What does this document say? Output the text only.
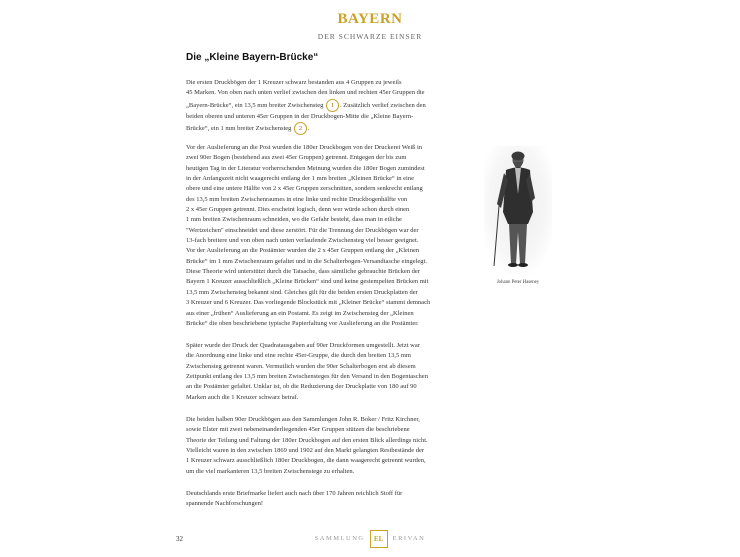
BAYERN
DER SCHWARZE EINSER
Die „Kleine Bayern-Brücke“
Die ersten Druckbögen der 1 Kreuzer schwarz bestanden aus 4 Gruppen zu jeweils
45 Marken. Von oben nach unten verlief zwischen den linken und rechten 45er Gruppen die
„Bayern-Brücke“, ein 13,5 mm breiter Zwischensteg 1 . Zusätzlich verlief zwischen den
beiden oberen und unteren 45er Gruppen in der Druckbogen-Mitte die „Kleine Bayern-
Brücke“, ein 1 mm breiter Zwischensteg 2 .
Vor der Auslieferung an die Post wurden die 180er Druckbogen von der Druckerei Weiß in
zwei 90er Bogen (bestehend aus zwei 45er Gruppen) getrennt. Entgegen der bis zum
heutigen Tag in der Literatur vorherrschenden Meinung wurden die 180er Bogen zumindest
in der Anfangszeit nicht waagerecht entlang der 1 mm breiten „Kleinen Brücke“ in eine
obere und eine untere Hälfte von 2 x 45er Gruppen zerschnitten, sondern senkrecht entlang
des 13,5 mm breiten Zwischenraumes in eine linke und rechte Druckbogenhälfte von
2 x 45er Gruppen getrennt. Dies erscheint logisch, denn wer würde schon durch einen
1 mm breiten Zwischenraum schneiden, wo die Gefahr besteht, dass man in etliche
"Wertzeichen" einschneidet und diese zerstört. Für die Trennung der Druckbögen war der
13-fach breitere und von oben nach unten verlaufende Zwischensteg viel besser geeignet.
Vor der Auslieferung an die Postämter wurden die 2 x 45er Gruppen entlang der „Kleinen
Brücke“ im 1 mm Zwischenraum gefaltet und in die Schalterbogen-Versandtasche eingelegt.
Diese Theorie wird unterstützt durch die Tatsache, dass sämtliche gebrauchte Brücken der
Bayern 1 Kreuzer ausschließlich „Kleine Brücken“ sind und keine gestempelten Brücken mit
13,5 mm Zwischensteg bekannt sind. Gleiches gilt für die beiden ersten Druckplatten der
3 Kreuzer und 6 Kreuzer. Das vorliegende Blockstück mit „Kleiner Brücke“ stammt demnach
aus einer „frühen“ Auslieferung an ein Postamt. Es zeigt im Zwischensteg der „Kleinen
Brücke“ die oben beschriebene typische Papierfaltung vor Auslieferung an die Postämter.
Später wurde der Druck der Quadratausgaben auf 90er Druckformen umgestellt. Jetzt war
die Anordnung eine linke und eine rechte 45er-Gruppe, die durch den breiten 13,5 mm
Zwischensteg getrennt waren. Vermutlich wurden die 90er Schalterbogen erst ab diesem
Zeitpunkt entlang des 13,5 mm breiten Zwischensteges für den Versand in den Bogentaschen
an die Postämter gefaltet. Unklar ist, ob die Reduzierung der Druckplatte von 180 auf 90
Marken auch die 1 Kreuzer schwarz betraf.
Die beiden halben 90er Druckbögen aus den Sammlungen John R. Boker / Fritz Kirchner,
sowie Elster mit zwei nebeneinanderliegenden 45er Gruppen stützen die beschriebene
Theorie der Teilung und Faltung der 180er Druckbogen auf den ersten Blick allerdings nicht.
Vielleicht waren in den zwischen 1869 und 1902 auf den Markt gelangten Restbestände der
1 Kreuzer schwarz ausschließlich 180er Druckbogen, die dann waagerecht getrennt wurden,
um die viel markanteren 13,5 breiten Zwischenstege zu erhalten.
Deutschlands erste Briefmarke liefert auch nach über 170 Jahren reichlich Stoff für
spannende Nachforschungen!
Johann Peter Haseney
32	SAMMLUNG	EL	ERIVAN
